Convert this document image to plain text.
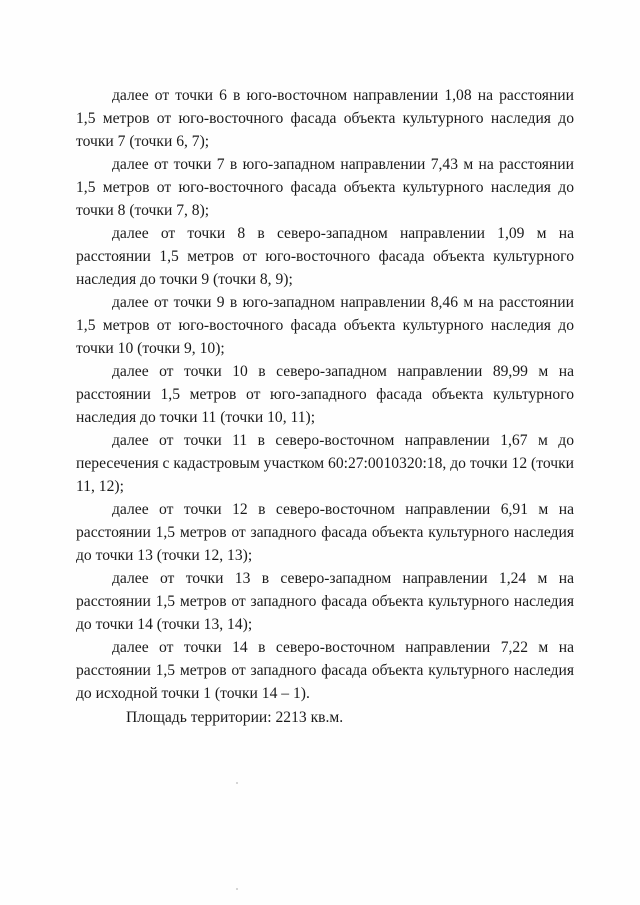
далее от точки 6 в юго-восточном направлении 1,08 на расстоянии 1,5 метров от юго-восточного фасада объекта культурного наследия до точки 7 (точки 6, 7);

далее от точки 7 в юго-западном направлении 7,43 м на расстоянии 1,5 метров от юго-восточного фасада объекта культурного наследия до точки 8 (точки 7, 8);

далее от точки 8 в северо-западном направлении 1,09 м на расстоянии 1,5 метров от юго-восточного фасада объекта культурного наследия до точки 9 (точки 8, 9);

далее от точки 9 в юго-западном направлении 8,46 м на расстоянии 1,5 метров от юго-восточного фасада объекта культурного наследия до точки 10 (точки 9, 10);

далее от точки 10 в северо-западном направлении 89,99 м на расстоянии 1,5 метров от юго-западного фасада объекта культурного наследия до точки 11 (точки 10, 11);

далее от точки 11 в северо-восточном направлении 1,67 м до пересечения с кадастровым участком 60:27:0010320:18, до точки 12 (точки 11, 12);

далее от точки 12 в северо-восточном направлении 6,91 м на расстоянии 1,5 метров от западного фасада объекта культурного наследия до точки 13 (точки 12, 13);

далее от точки 13 в северо-западном направлении 1,24 м на расстоянии 1,5 метров от западного фасада объекта культурного наследия до точки 14 (точки 13, 14);

далее от точки 14 в северо-восточном направлении 7,22 м на расстоянии 1,5 метров от западного фасада объекта культурного наследия до исходной точки 1 (точки 14 – 1).

Площадь территории: 2213 кв.м.
